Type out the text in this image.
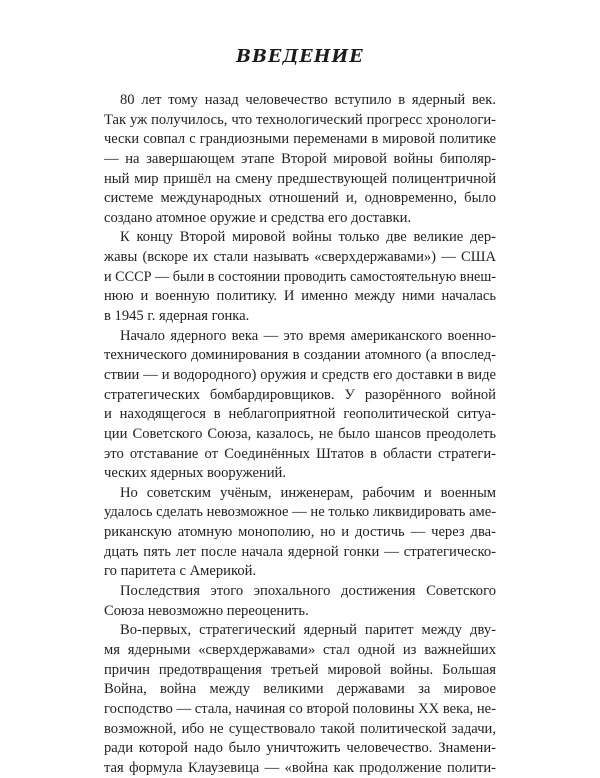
ВВЕДЕНИЕ
80 лет тому назад человечество вступило в ядерный век.
Так уж получилось, что технологический прогресс хронологи-
чески совпал с грандиозными переменами в мировой политике
— на завершающем этапе Второй мировой войны биполяр-
ный мир пришёл на смену предшествующей полицентричной
системе международных отношений и, одновременно, было
создано атомное оружие и средства его доставки.
К концу Второй мировой войны только две великие дер-
жавы (вскоре их стали называть «сверхдержавами») — США
и СССР — были в состоянии проводить самостоятельную внеш-
нюю и военную политику. И именно между ними началась
в 1945 г. ядерная гонка.
Начало ядерного века — это время американского военно-
технического доминирования в создании атомного (а впослед-
ствии — и водородного) оружия и средств его доставки в виде
стратегических бомбардировщиков. У разорённого войной
и находящегося в неблагоприятной геополитической ситуа-
ции Советского Союза, казалось, не было шансов преодолеть
это отставание от Соединённых Штатов в области стратеги-
ческих ядерных вооружений.
Но советским учёным, инженерам, рабочим и военным
удалось сделать невозможное — не только ликвидировать аме-
риканскую атомную монополию, но и достичь — через два-
дцать пять лет после начала ядерной гонки — стратегическо-
го паритета с Америкой.
Последствия этого эпохального достижения Советского
Союза невозможно переоценить.
Во-первых, стратегический ядерный паритет между дву-
мя ядерными «сверхдержавами» стал одной из важнейших
причин предотвращения третьей мировой войны. Большая
Война, война между великими державами за мировое
господство — стала, начиная со второй половины XX века, не-
возможной, ибо не существовало такой политической задачи,
ради которой надо было уничтожить человечество. Знамени-
тая формула Клаузевица — «война как продолжение полити-
